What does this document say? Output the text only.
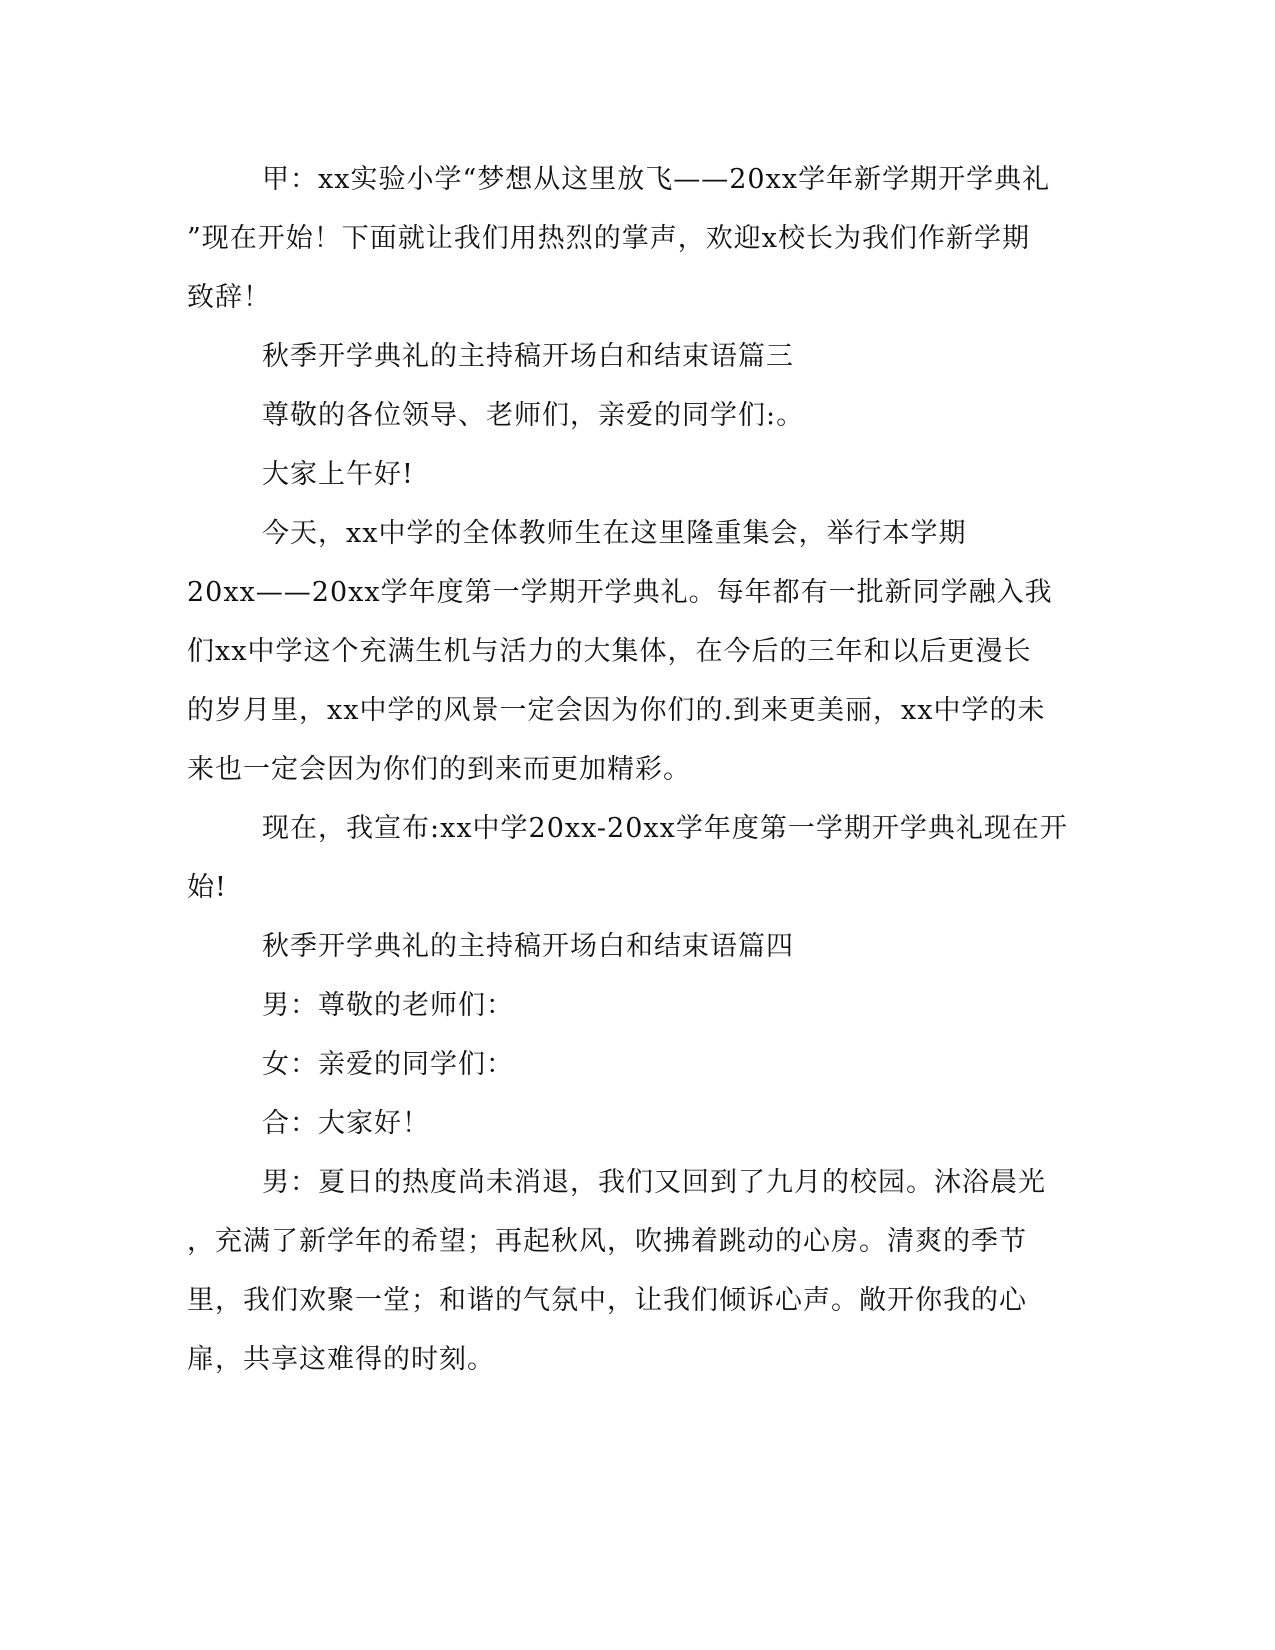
甲：xx实验小学“梦想从这里放飞——20xx学年新学期开学典礼
”现在开始！下面就让我们用热烈的掌声，欢迎x校长为我们作新学期
致辞！
秋季开学典礼的主持稿开场白和结束语篇三
尊敬的各位领导、老师们，亲爱的同学们:。
大家上午好!
今天，xx中学的全体教师生在这里隆重集会，举行本学期
20xx——20xx学年度第一学期开学典礼。每年都有一批新同学融入我
们xx中学这个充满生机与活力的大集体，在今后的三年和以后更漫长
的岁月里，xx中学的风景一定会因为你们的.到来更美丽，xx中学的未
来也一定会因为你们的到来而更加精彩。
现在，我宣布:xx中学20xx-20xx学年度第一学期开学典礼现在开
始!
秋季开学典礼的主持稿开场白和结束语篇四
男：尊敬的老师们：
女：亲爱的同学们：
合：大家好！
男：夏日的热度尚未消退，我们又回到了九月的校园。沐浴晨光
，充满了新学年的希望；再起秋风，吹拂着跳动的心房。清爽的季节
里，我们欢聚一堂；和谐的气氛中，让我们倾诉心声。敞开你我的心
扉，共享这难得的时刻。
